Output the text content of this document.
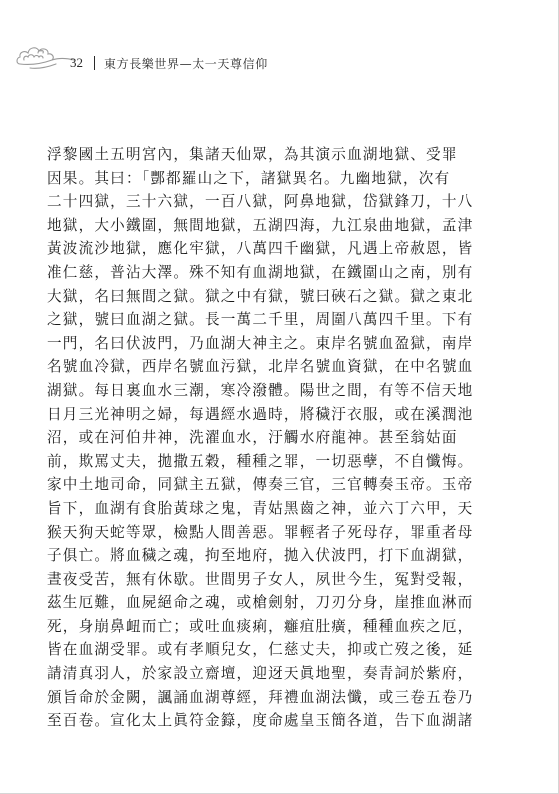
32 東方長樂世界—太一天尊信仰
浮黎國土五明宮內，集諸天仙眾，為其演示血湖地獄、受罪
因果。其曰：「酆都羅山之下，諸獄異名。九幽地獄，次有
二十四獄，三十六獄，一百八獄，阿鼻地獄，岱獄鋒刀，十八
地獄，大小鐵圍，無間地獄，五湖四海，九江泉曲地獄，孟津
黃波流沙地獄，應化牢獄，八萬四千幽獄，凡遇上帝赦恩，皆
准仁慈，普沾大澤。殊不知有血湖地獄，在鐵圍山之南，別有
大獄，名曰無間之獄。獄之中有獄，號曰硤石之獄。獄之東北
之獄，號曰血湖之獄。長一萬二千里，周圍八萬四千里。下有
一門，名曰伏波門，乃血湖大神主之。東岸名號血盈獄，南岸
名號血冷獄，西岸名號血污獄，北岸名號血資獄，在中名號血
湖獄。每日裏血水三潮，寒冷潑體。陽世之間，有等不信天地
日月三光神明之婦，每遇經水過時，將穢汙衣服，或在溪潤池
沼，或在河伯井神，洗濯血水，汙觸水府龍神。甚至翁姑面
前，欺罵丈夫，拋撒五穀，種種之罪，一切惡孽，不自懺悔。
家中土地司命，同獄主五獄，傳奏三官，三官轉奏玉帝。玉帝
旨下，血湖有食胎黃球之鬼，青姑黑齒之神，並六丁六甲，天
猴天狗天蛇等眾，檢點人間善惡。罪輕者子死母存，罪重者母
子俱亡。將血穢之魂，拘至地府，拋入伏波門，打下血湖獄，
晝夜受苦，無有休歇。世間男子女人，夙世今生，冤對受報，
茲生厄難，血屍絕命之魂，或槍劍射，刀刃分身，崖推血淋而
死，身崩鼻衄而亡；或吐血痰痢，癰疽肚癀，種種血疾之厄，
皆在血湖受罪。或有孝順兒女，仁慈丈夫，抑或亡歿之後，延
請清真羽人，於家設立齋壇，迎迓天眞地聖，奏青詞於紫府，
頒旨命於金闕，諷誦血湖尊經，拜禮血湖法懺，或三卷五卷乃
至百卷。宣化太上眞符金籙，度命處皇玉簡各道，告下血湖諸
